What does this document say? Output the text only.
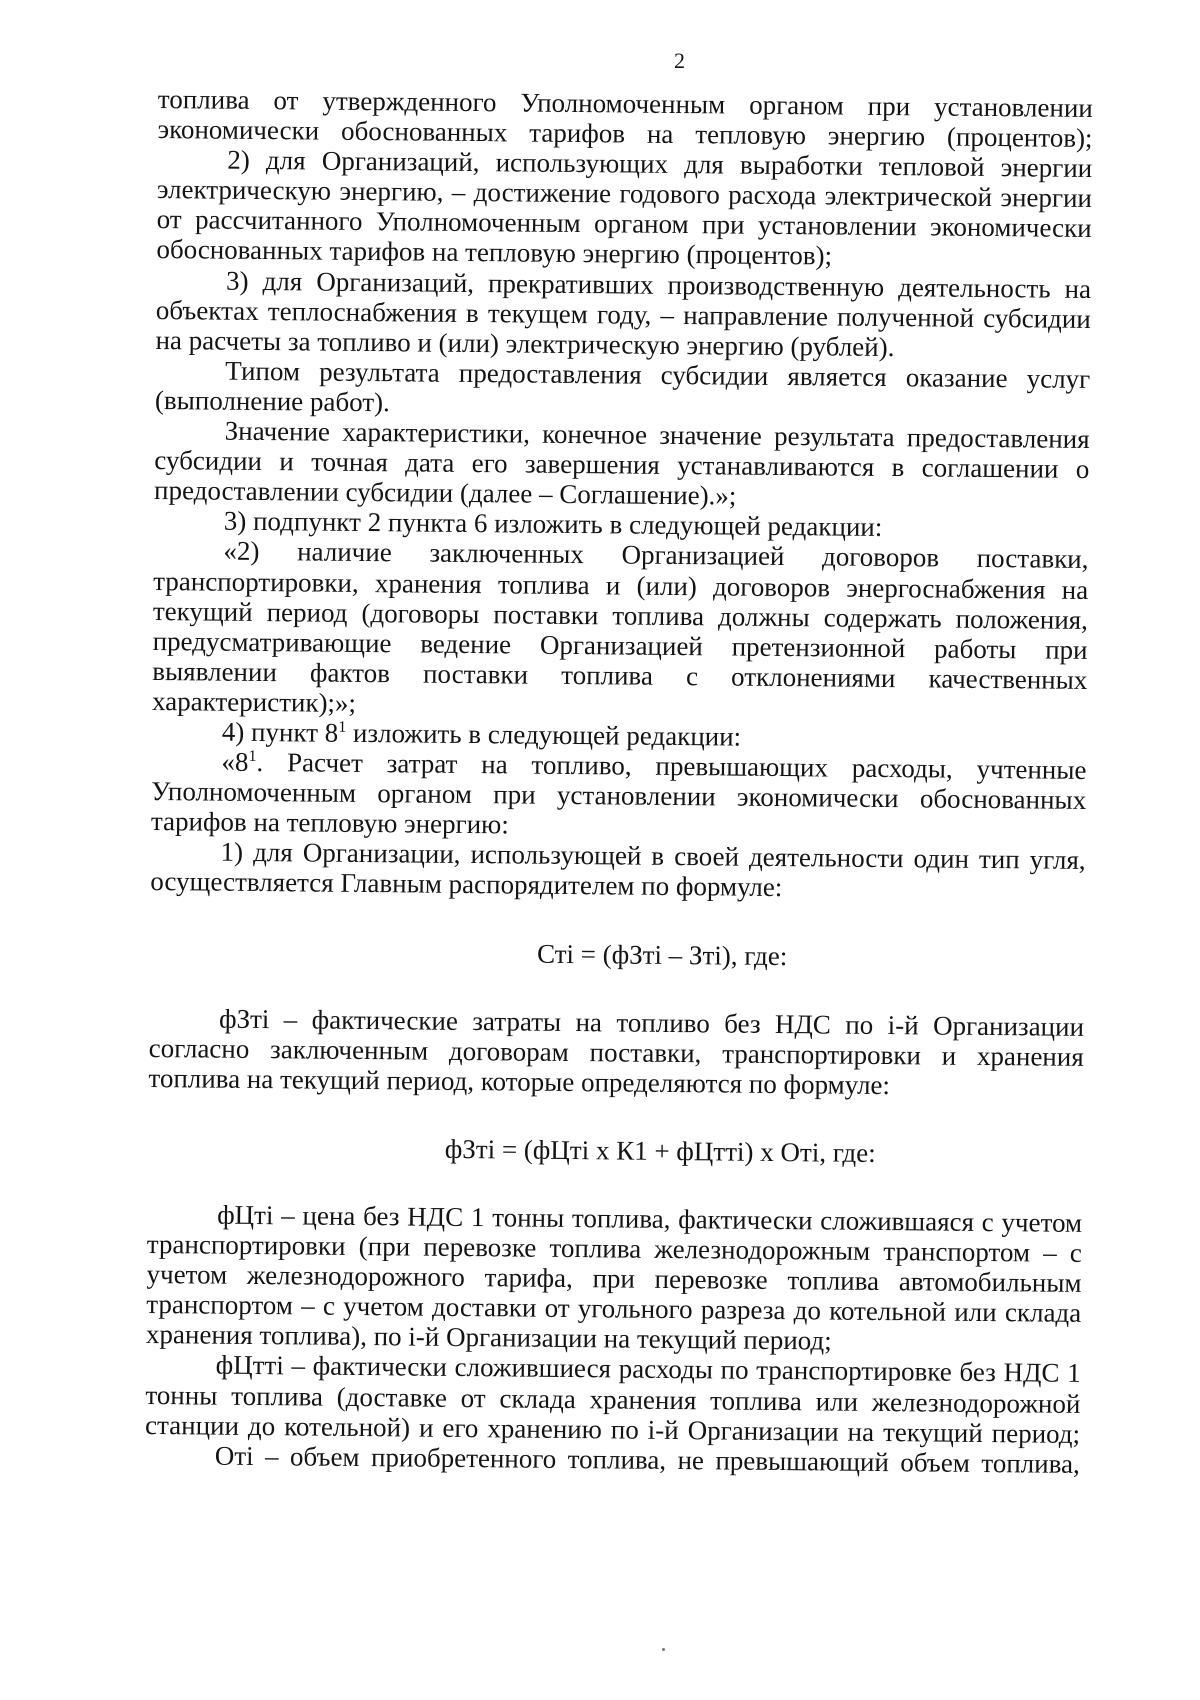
2
топлива от утвержденного Уполномоченным органом при установлении
экономически обоснованных тарифов на тепловую энергию (процентов);
2) для Организаций, использующих для выработки тепловой энергии
электрическую энергию, – достижение годового расхода электрической энергии
от рассчитанного Уполномоченным органом при установлении экономически
обоснованных тарифов на тепловую энергию (процентов);
3) для Организаций, прекративших производственную деятельность на
объектах теплоснабжения в текущем году, – направление полученной субсидии
на расчеты за топливо и (или) электрическую энергию (рублей).
Типом результата предоставления субсидии является оказание услуг
(выполнение работ).
Значение характеристики, конечное значение результата предоставления
субсидии и точная дата его завершения устанавливаются в соглашении о
предоставлении субсидии (далее – Соглашение).»;
3) подпункт 2 пункта 6 изложить в следующей редакции:
«2) наличие заключенных Организацией договоров поставки,
транспортировки, хранения топлива и (или) договоров энергоснабжения на
текущий период (договоры поставки топлива должны содержать положения,
предусматривающие ведение Организацией претензионной работы при
выявлении фактов поставки топлива с отклонениями качественных
характеристик);»;
4) пункт $8^1$ изложить в следующей редакции:
«$8^1$. Расчет затрат на топливо, превышающих расходы, учтенные
Уполномоченным органом при установлении экономически обоснованных
тарифов на тепловую энергию:
1) для Организации, использующей в своей деятельности один тип угля,
осуществляется Главным распорядителем по формуле:
Стi = (фЗтi – Зтi), где:
фЗтi – фактические затраты на топливо без НДС по i-й Организации
согласно заключенным договорам поставки, транспортировки и хранения
топлива на текущий период, которые определяются по формуле:
фЗтi = (фЦтi х К1 + фЦттi) х Отi, где:
фЦтi – цена без НДС 1 тонны топлива, фактически сложившаяся с учетом
транспортировки (при перевозке топлива железнодорожным транспортом – с
учетом железнодорожного тарифа, при перевозке топлива автомобильным
транспортом – с учетом доставки от угольного разреза до котельной или склада
хранения топлива), по i-й Организации на текущий период;
фЦттi – фактически сложившиеся расходы по транспортировке без НДС 1
тонны топлива (доставке от склада хранения топлива или железнодорожной
станции до котельной) и его хранению по i-й Организации на текущий период;
Отi – объем приобретенного топлива, не превышающий объем топлива,
